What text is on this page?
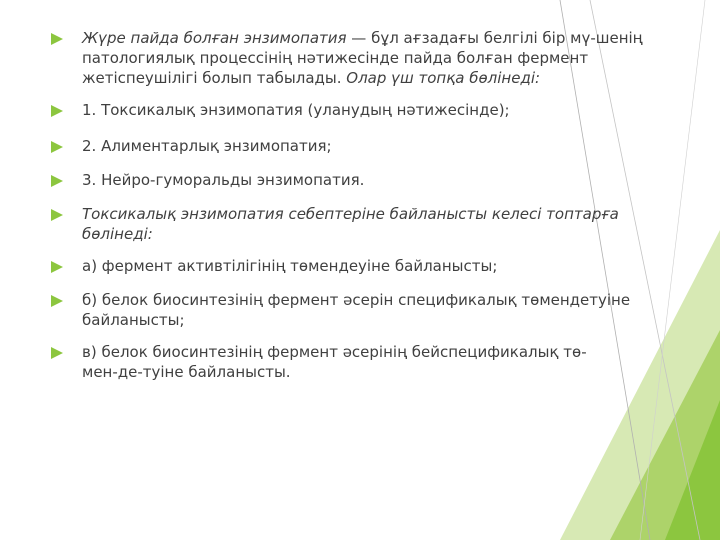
Жүре пайда болған энзимопатия — бұл ағзадағы белгілі бір мү-шенің патологиялық процессінің нәтижесінде пайда болған фермент жетіспеушілігі болып табылады. Олар үш топқа бөлінеді:
1. Токсикалық энзимопатия (уланудың нәтижесінде);
2. Алиментарлық энзимопатия;
3. Нейро-гуморальды энзимопатия.
Токсикалық энзимопатия себептеріне байланысты келесі топтарға бөлінеді:
а) фермент активтілігінің төмендеуіне байланысты;
б) белок биосинтезінің фермент әсерін спецификалық төмендетуіне байланысты;
в) белок биосинтезінің фермент әсерінің бейспецификалық тө-мен-де-туіне байланысты.
